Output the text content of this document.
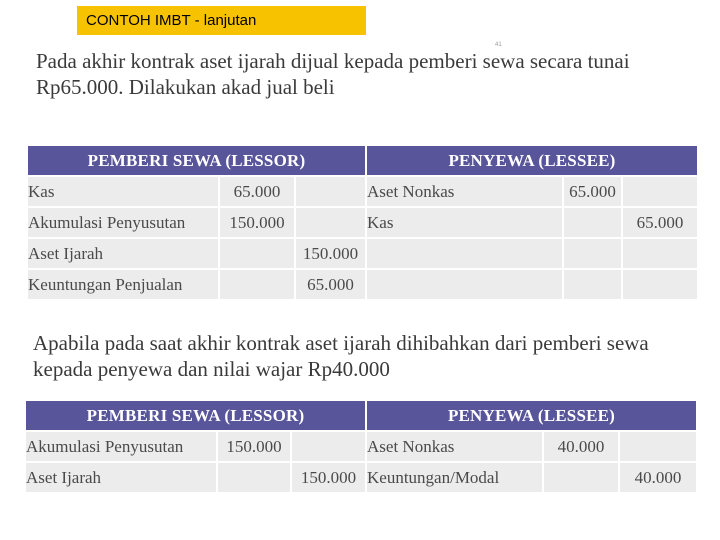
CONTOH IMBT - lanjutan
41

Pada akhir kontrak aset ijarah dijual kepada pemberi sewa secara tunai
Rp65.000. Dilakukan akad jual beli

PEMBERI SEWA (LESSOR)			PENYEWA (LESSEE)		
Kas	65.000		Aset Nonkas	65.000	
Akumulasi Penyusutan	150.000		Kas		65.000
Aset Ijarah		150.000			
Keuntungan Penjualan		65.000			

Apabila pada saat akhir kontrak aset ijarah dihibahkan dari pemberi sewa
kepada penyewa dan nilai wajar Rp40.000

PEMBERI SEWA (LESSOR)			PENYEWA (LESSEE)		
Akumulasi Penyusutan	150.000		Aset Nonkas	40.000	
Aset Ijarah		150.000	Keuntungan/Modal		40.000
